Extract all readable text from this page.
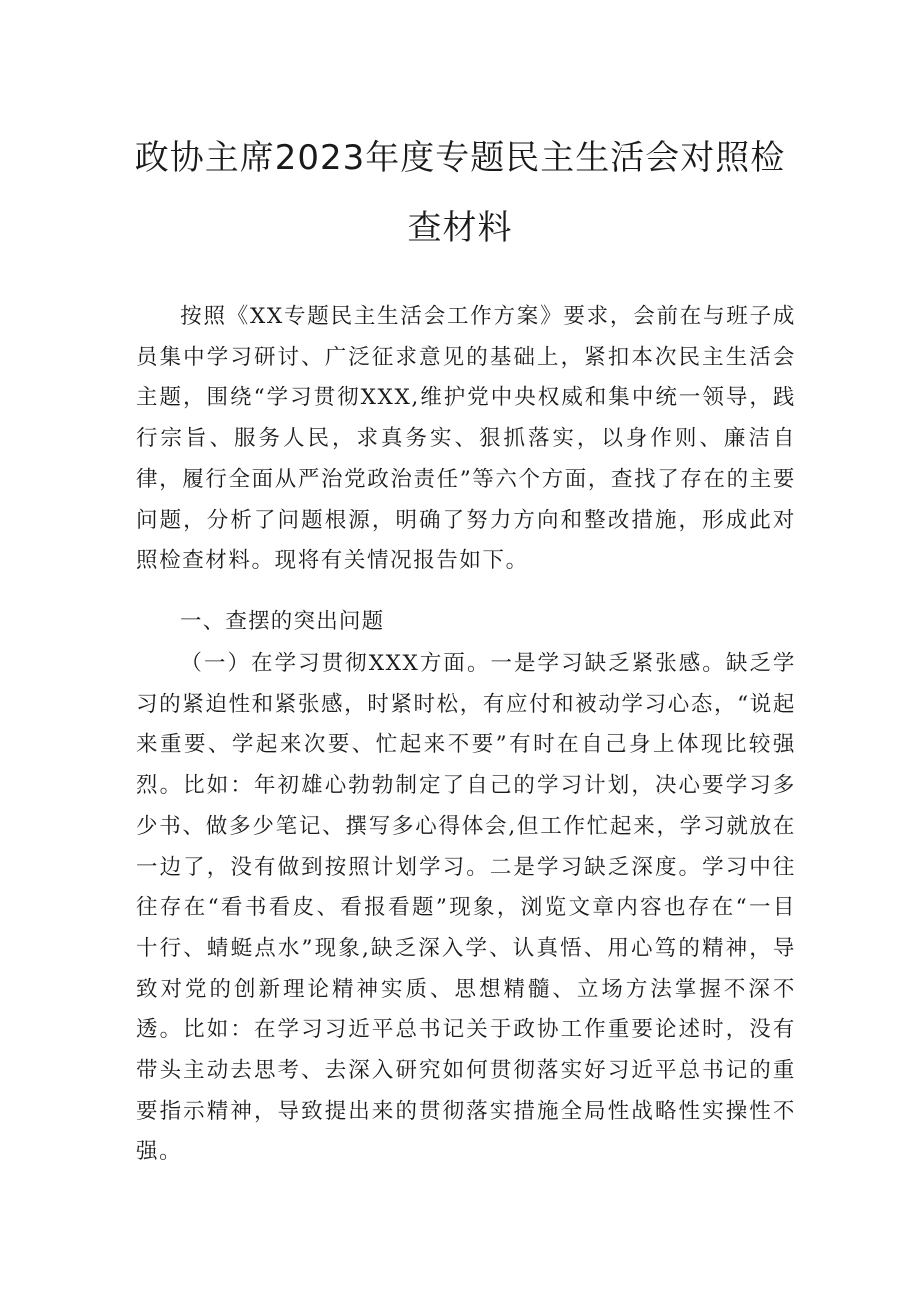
政协主席2023年度专题民主生活会对照检
查材料

按照《XX专题民主生活会工作方案》要求，会前在与班子成员集中学习研讨、广泛征求意见的基础上，紧扣本次民主生活会主题，围绕“学习贯彻XXX,维护党中央权威和集中统一领导，践行宗旨、服务人民，求真务实、狠抓落实，以身作则、廉洁自律，履行全面从严治党政治责任”等六个方面，查找了存在的主要问题，分析了问题根源，明确了努力方向和整改措施，形成此对照检查材料。现将有关情况报告如下。

一、查摆的突出问题

（一）在学习贯彻XXX方面。一是学习缺乏紧张感。缺乏学习的紧迫性和紧张感，时紧时松，有应付和被动学习心态，“说起来重要、学起来次要、忙起来不要”有时在自己身上体现比较强烈。比如：年初雄心勃勃制定了自己的学习计划，决心要学习多少书、做多少笔记、撰写多心得体会,但工作忙起来，学习就放在一边了，没有做到按照计划学习。二是学习缺乏深度。学习中往往存在“看书看皮、看报看题”现象，浏览文章内容也存在“一目十行、蜻蜓点水”现象,缺乏深入学、认真悟、用心笃的精神，导致对党的创新理论精神实质、思想精髓、立场方法掌握不深不透。比如：在学习习近平总书记关于政协工作重要论述时，没有带头主动去思考、去深入研究如何贯彻落实好习近平总书记的重要指示精神，导致提出来的贯彻落实措施全局性战略性实操性不强。
